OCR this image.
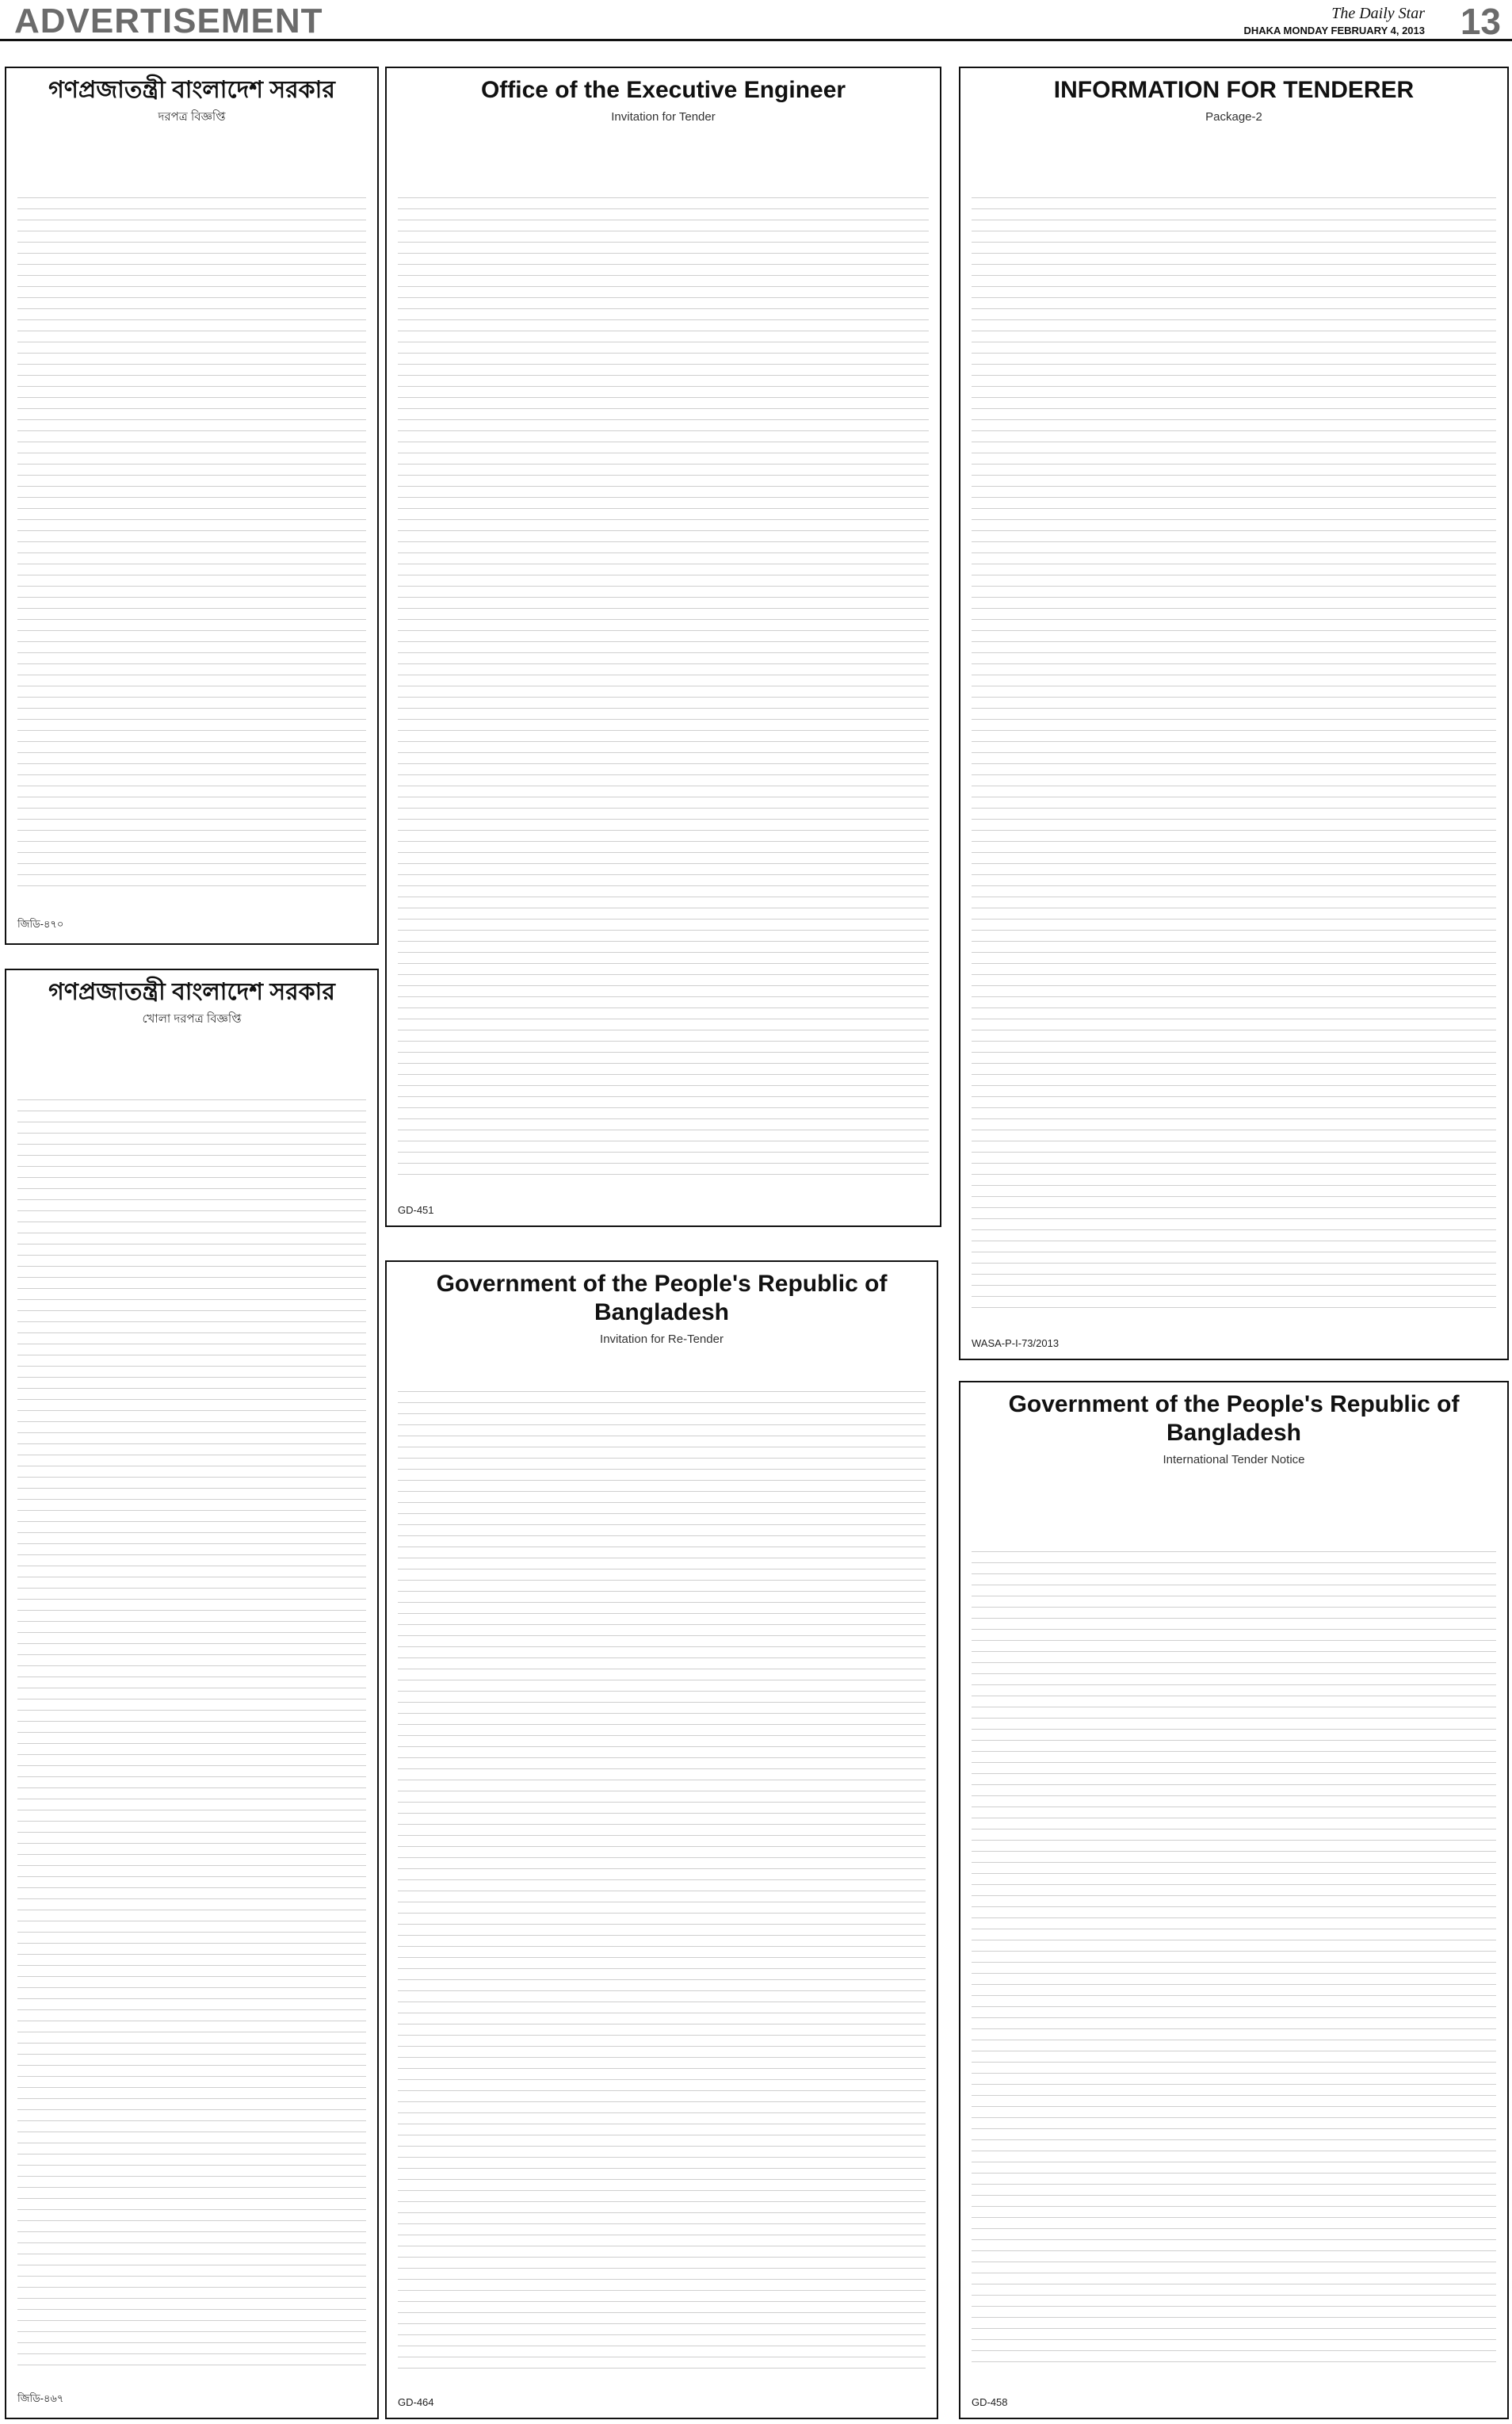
ADVERTISEMENT	The Daily Star
DHAKA MONDAY FEBRUARY 4, 2013 13
গণপ্রজাতন্ত্রী বাংলাদেশ সরকার
দরপত্র বিজ্ঞপ্তি
জিডি-৪৭০
গণপ্রজাতন্ত্রী বাংলাদেশ সরকার
খোলা দরপত্র বিজ্ঞপ্তি
জিডি-৪৬৭
Office of the Executive Engineer
Invitation for Tender
GD-451
Government of the People's Republic of Bangladesh
Invitation for Re-Tender
GD-464
INFORMATION FOR TENDERER
Package-2
WASA-P-I-73/2013
Government of the People's Republic of Bangladesh
International Tender Notice
GD-458
